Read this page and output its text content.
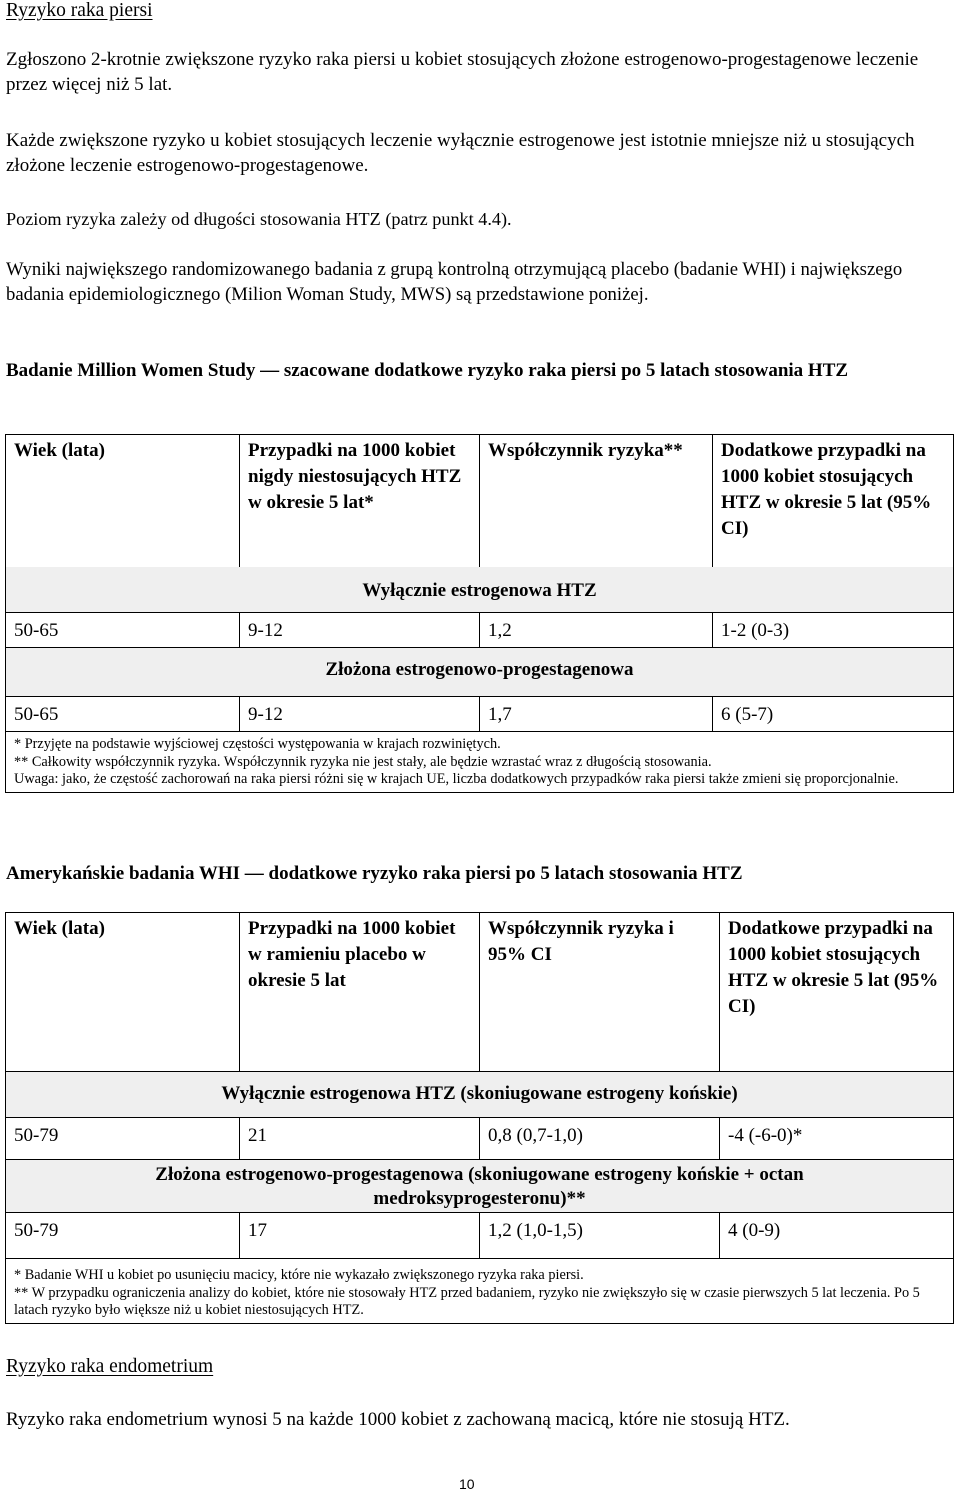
Ryzyko raka piersi

Zgłoszono 2-krotnie zwiększone ryzyko raka piersi u kobiet stosujących złożone estrogenowo-progestagenowe leczenie przez więcej niż 5 lat.

Każde zwiększone ryzyko u kobiet stosujących leczenie wyłącznie estrogenowe jest istotnie mniejsze niż u stosujących złożone leczenie estrogenowo-progestagenowe.

Poziom ryzyka zależy od długości stosowania HTZ (patrz punkt 4.4).

Wyniki największego randomizowanego badania z grupą kontrolną otrzymującą placebo (badanie WHI) i największego badania epidemiologicznego (Milion Woman Study, MWS) są przedstawione poniżej.

Badanie Million Women Study — szacowane dodatkowe ryzyko raka piersi po 5 latach stosowania HTZ

Wiek (lata)	Przypadki na 1000 kobiet nigdy niestosujących HTZ w okresie 5 lat*	Współczynnik ryzyka**	Dodatkowe przypadki na 1000 kobiet stosujących HTZ w okresie 5 lat (95% CI)
Wyłącznie estrogenowa HTZ			
50-65	9-12	1,2	1-2 (0-3)
Złożona estrogenowo-progestagenowa			
50-65	9-12	1,7	6 (5-7)

* Przyjęte na podstawie wyjściowej częstości występowania w krajach rozwiniętych.
** Całkowity współczynnik ryzyka. Współczynnik ryzyka nie jest stały, ale będzie wzrastać wraz z długością stosowania.
Uwaga: jako, że częstość zachorowań na raka piersi różni się w krajach UE, liczba dodatkowych przypadków raka piersi także zmieni się proporcjonalnie.			

Amerykańskie badania WHI — dodatkowe ryzyko raka piersi po 5 latach stosowania HTZ

Wiek (lata)	Przypadki na 1000 kobiet w ramieniu placebo w okresie 5 lat	Współczynnik ryzyka i 95% CI	Dodatkowe przypadki na 1000 kobiet stosujących HTZ w okresie 5 lat (95% CI)
Wyłącznie estrogenowa HTZ (skoniugowane estrogeny końskie)			
50-79	21	0,8 (0,7-1,0)	-4 (-6-0)*
Złożona estrogenowo-progestagenowa (skoniugowane estrogeny końskie + octan medroksyprogesteronu)**			
50-79	17	1,2 (1,0-1,5)	4 (0-9)

* Badanie WHI u kobiet po usunięciu macicy, które nie wykazało zwiększonego ryzyka raka piersi.
** W przypadku ograniczenia analizy do kobiet, które nie stosowały HTZ przed badaniem, ryzyko nie zwiększyło się w czasie pierwszych 5 lat leczenia. Po 5 latach ryzyko było większe niż u kobiet niestosujących HTZ.			
Ryzyko raka endometrium

Ryzyko raka endometrium wynosi 5 na każde 1000 kobiet z zachowaną macicą, które nie stosują HTZ.

10
